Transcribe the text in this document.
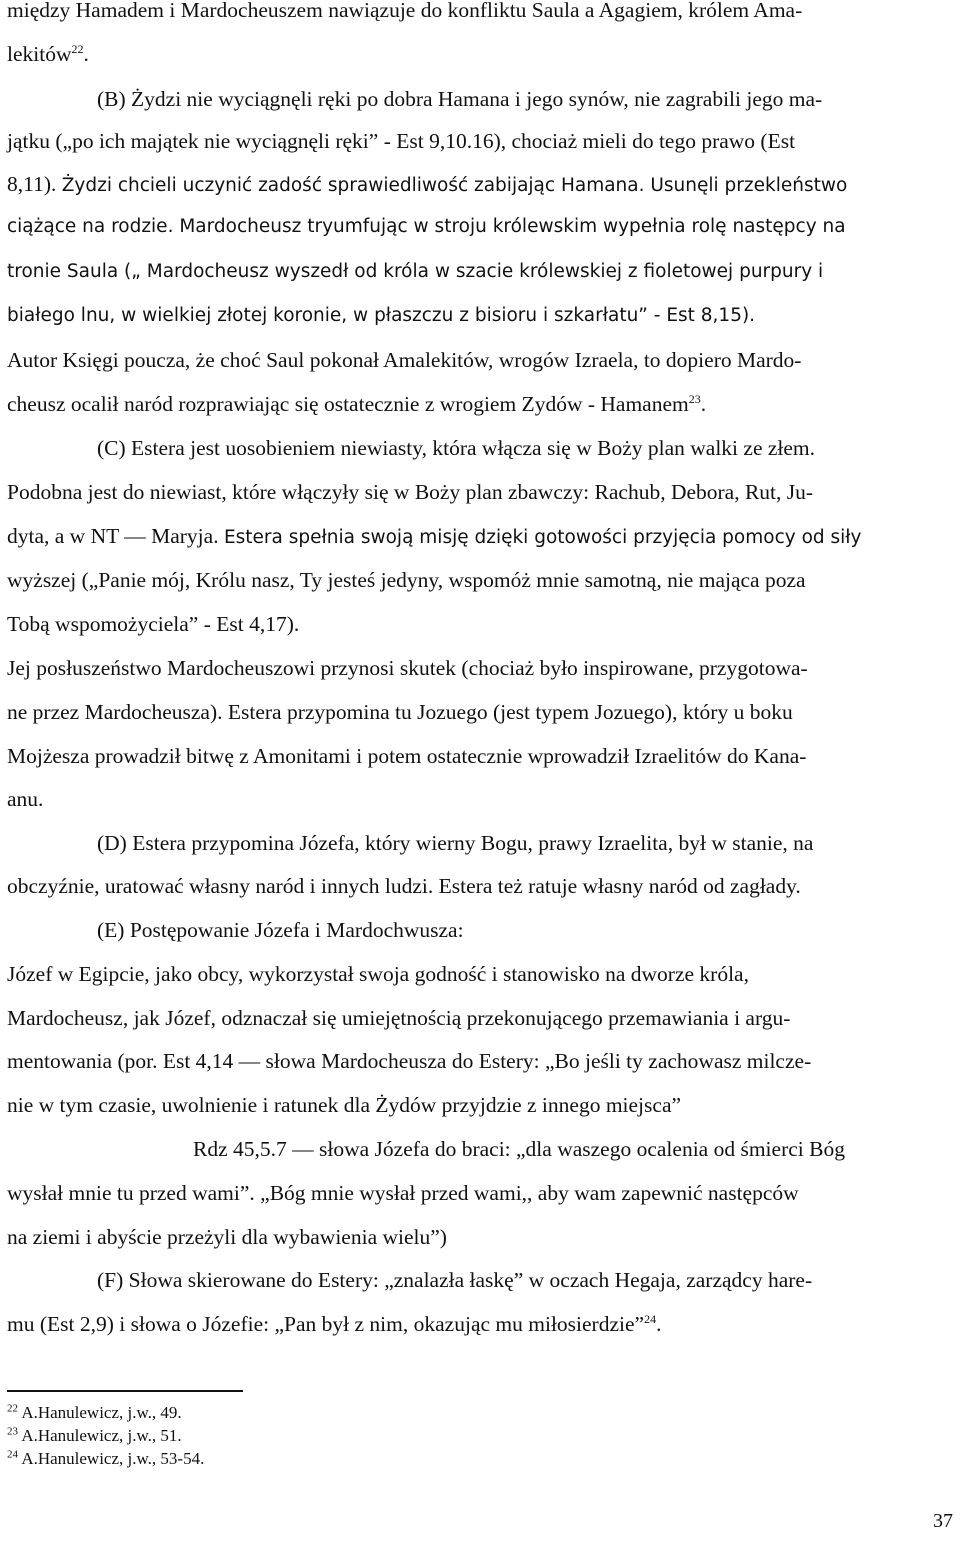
między Hamadem i Mardocheuszem nawiązuje do konfliktu Saula a Agagiem, królem Ama-
lekitów$^{22}$.
(B) Żydzi nie wyciągnęli ręki po dobra Hamana i jego synów, nie zagrabili jego ma-
jątku („po ich majątek nie wyciągnęli ręki” - Est 9,10.16), chociaż mieli do tego prawo (Est
8,11). Żydzi chcieli uczynić zadość sprawiedliwość zabijając Hamana. Usunęli przekleństwo
ciążące na rodzie. Mardocheusz tryumfując w stroju królewskim wypełnia rolę następcy na
tronie Saula („ Mardocheusz wyszedł od króla w szacie królewskiej z fioletowej purpury i
białego lnu, w wielkiej złotej koronie, w płaszczu z bisioru i szkarłatu” - Est 8,15).
Autor Księgi poucza, że choć Saul pokonał Amalekitów, wrogów Izraela, to dopiero Mardo-
cheusz ocalił naród rozprawiając się ostatecznie z wrogiem Zydów - Hamanem$^{23}$.
(C) Estera jest uosobieniem niewiasty, która włącza się w Boży plan walki ze złem.
Podobna jest do niewiast, które włączyły się w Boży plan zbawczy: Rachub, Debora, Rut, Ju-
dyta, a w NT — Maryja. Estera spełnia swoją misję dzięki gotowości przyjęcia pomocy od siły
wyższej („Panie mój, Królu nasz, Ty jesteś jedyny, wspomóż mnie samotną, nie mająca poza
Tobą wspomożyciela” - Est 4,17).
Jej posłuszeństwo Mardocheuszowi przynosi skutek (chociaż było inspirowane, przygotowa-
ne przez Mardocheusza). Estera przypomina tu Jozuego (jest typem Jozuego), który u boku
Mojżesza prowadził bitwę z Amonitami i potem ostatecznie wprowadził Izraelitów do Kana-
anu.
(D) Estera przypomina Józefa, który wierny Bogu, prawy Izraelita, był w stanie, na
obczyźnie, uratować własny naród i innych ludzi. Estera też ratuje własny naród od zagłady.
(E) Postępowanie Józefa i Mardochwusza:
Józef w Egipcie, jako obcy, wykorzystał swoja godność i stanowisko na dworze króla,
Mardocheusz, jak Józef, odznaczał się umiejętnością przekonującego przemawiania i argu-
mentowania (por. Est 4,14 — słowa Mardocheusza do Estery: „Bo jeśli ty zachowasz milcze-
nie w tym czasie, uwolnienie i ratunek dla Żydów przyjdzie z innego miejsca”
Rdz 45,5.7 — słowa Józefa do braci: „dla waszego ocalenia od śmierci Bóg
wysłał mnie tu przed wami”. „Bóg mnie wysłał przed wami,, aby wam zapewnić następców
na ziemi i abyście przeżyli dla wybawienia wielu”)
(F) Słowa skierowane do Estery: „znalazła łaskę” w oczach Hegaja, zarządcy hare-
mu (Est 2,9) i słowa o Józefie: „Pan był z nim, okazując mu miłosierdzie”$^{24}$.
$^{22}$ A.Hanulewicz, j.w., 49.
$^{23}$ A.Hanulewicz, j.w., 51.
$^{24}$ A.Hanulewicz, j.w., 53-54.
37
